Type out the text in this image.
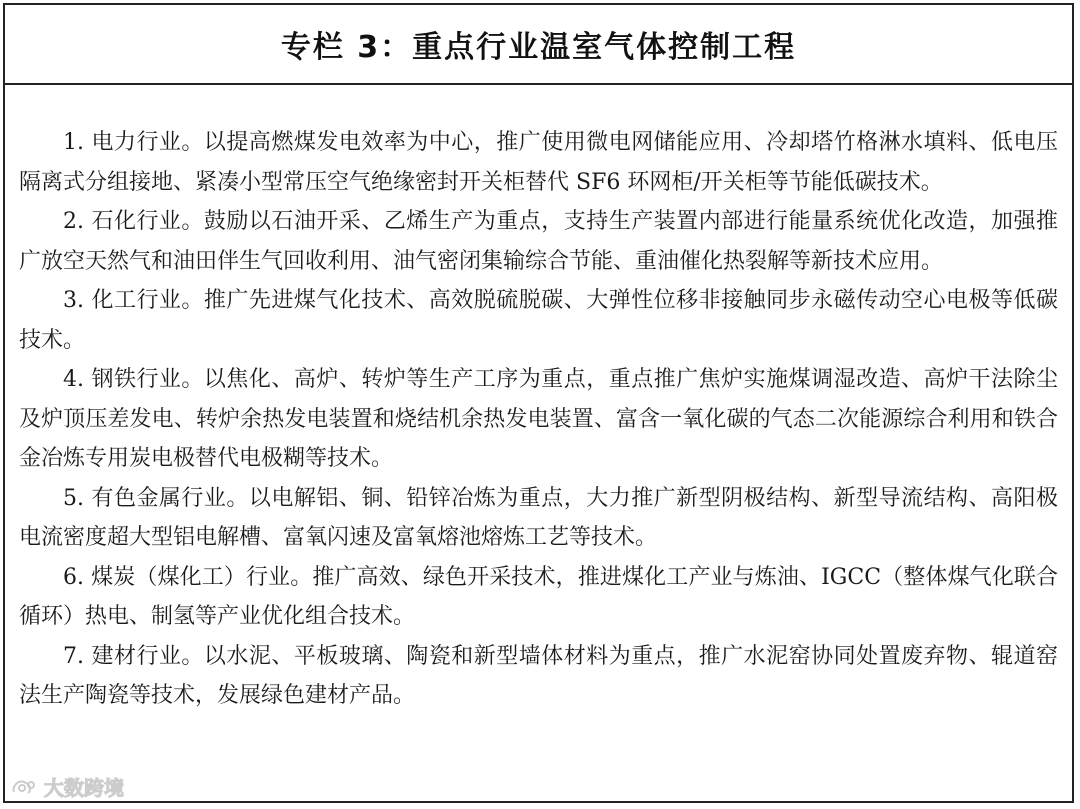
专栏 3：重点行业温室气体控制工程

1. 电力行业。以提高燃煤发电效率为中心，推广使用微电网储能应用、冷却塔竹格淋水填料、低电压隔离式分组接地、紧凑小型常压空气绝缘密封开关柜替代 SF6 环网柜/开关柜等节能低碳技术。

2. 石化行业。鼓励以石油开采、乙烯生产为重点，支持生产装置内部进行能量系统优化改造，加强推广放空天然气和油田伴生气回收利用、油气密闭集输综合节能、重油催化热裂解等新技术应用。

3. 化工行业。推广先进煤气化技术、高效脱硫脱碳、大弹性位移非接触同步永磁传动空心电极等低碳技术。

4. 钢铁行业。以焦化、高炉、转炉等生产工序为重点，重点推广焦炉实施煤调湿改造、高炉干法除尘及炉顶压差发电、转炉余热发电装置和烧结机余热发电装置、富含一氧化碳的气态二次能源综合利用和铁合金冶炼专用炭电极替代电极糊等技术。

5. 有色金属行业。以电解铝、铜、铅锌冶炼为重点，大力推广新型阴极结构、新型导流结构、高阳极电流密度超大型铝电解槽、富氧闪速及富氧熔池熔炼工艺等技术。

6. 煤炭（煤化工）行业。推广高效、绿色开采技术，推进煤化工产业与炼油、IGCC（整体煤气化联合循环）热电、制氢等产业优化组合技术。

7. 建材行业。以水泥、平板玻璃、陶瓷和新型墙体材料为重点，推广水泥窑协同处置废弃物、辊道窑法生产陶瓷等技术，发展绿色建材产品。

大数跨境
